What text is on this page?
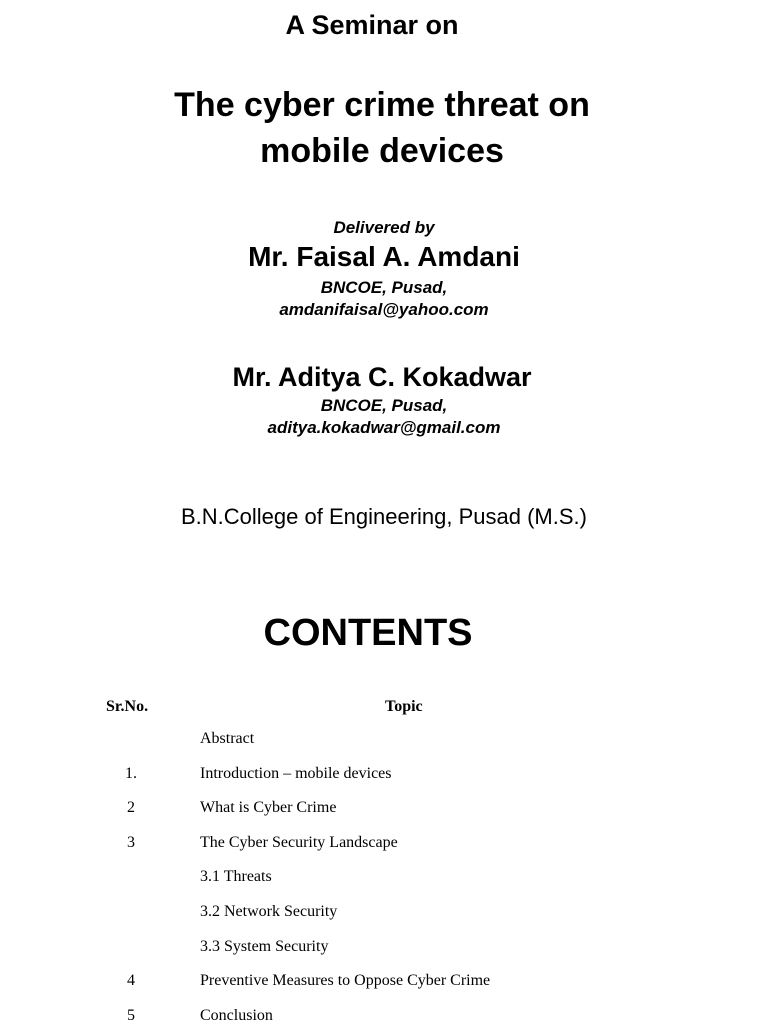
A Seminar on
The cyber crime threat on
mobile devices
Delivered by
Mr. Faisal A. Amdani
BNCOE, Pusad,
amdanifaisal@yahoo.com
Mr. Aditya C. Kokadwar
BNCOE, Pusad,
aditya.kokadwar@gmail.com
B.N.College of Engineering, Pusad (M.S.)
CONTENTS
Sr.No.	Topic
Abstract
1.	Introduction – mobile devices
2	What is Cyber Crime
3	The Cyber Security Landscape
3.1 Threats
3.2 Network Security
3.3 System Security
4	Preventive Measures to Oppose Cyber Crime
5	Conclusion
